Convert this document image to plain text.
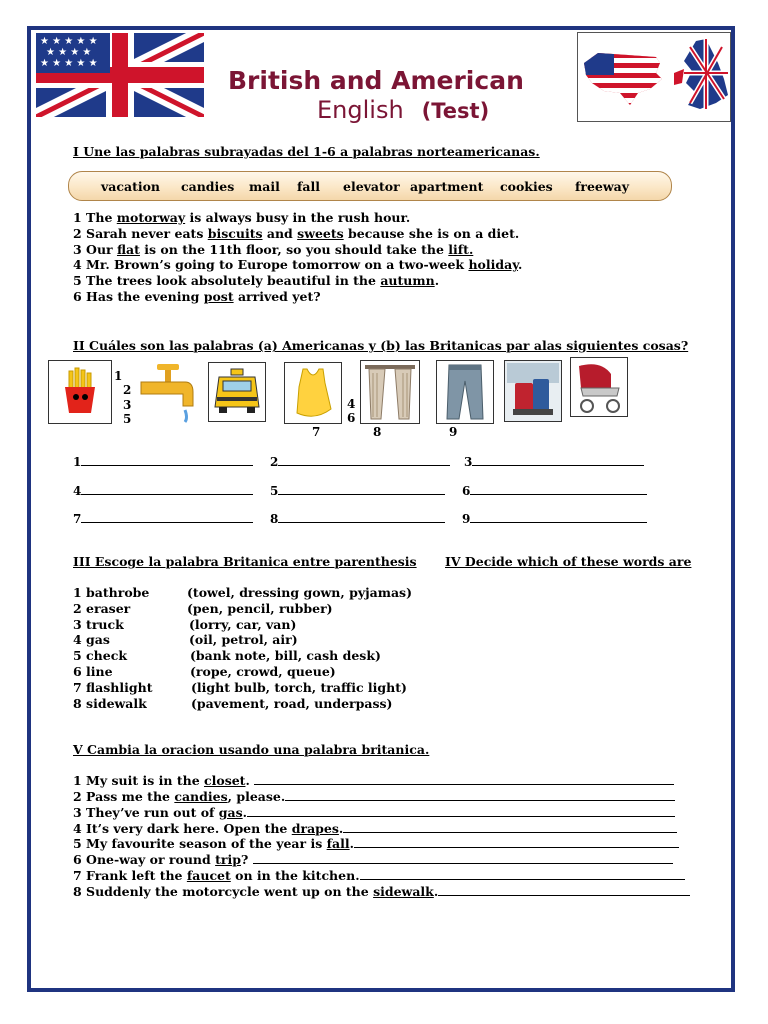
★ ★ ★ ★ ★
★ ★ ★ ★
★ ★ ★ ★ ★
British and American
English (Test)
I Une las palabras subrayadas del 1-6 a palabras norteamericanas.
vacation candies mail fall elevator apartment cookies freeway
1 The motorway is always busy in the rush hour.
2 Sarah never eats biscuits and sweets because she is on a diet.
3 Our flat is on the 11th floor, so you should take the lift.
4 Mr. Brown’s going to Europe tomorrow on a two-week holiday.
5 The trees look absolutely beautiful in the autumn.
6 Has the evening post arrived yet?
II Cuáles son las palabras (a) Americanas y (b) las Britanicas par alas siguientes cosas?
1
2
3
5
4
6
7	8	9
1	2	3
4	5	6
7	8	9
III Escoge la palabra Britanica entre parenthesis IV Decide which of these words are
1 bathrobe	(towel, dressing gown, pyjamas)
2 eraser	(pen, pencil, rubber)
3 truck	(lorry, car, van)
4 gas	(oil, petrol, air)
5 check	(bank note, bill, cash desk)
6 line	(rope, crowd, queue)
7 flashlight	(light bulb, torch, traffic light)
8 sidewalk	(pavement, road, underpass)
V Cambia la oracion usando una palabra britanica.
1 My suit is in the closet.
2 Pass me the candies, please.
3 They’ve run out of gas.
4 It’s very dark here. Open the drapes.
5 My favourite season of the year is fall.
6 One-way or round trip?
7 Frank left the faucet on in the kitchen.
8 Suddenly the motorcycle went up on the sidewalk.
